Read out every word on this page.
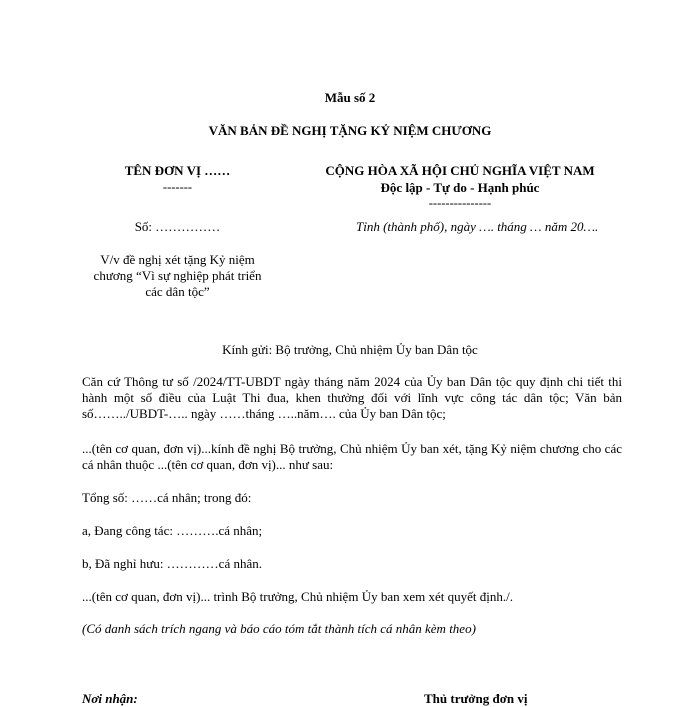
Mẫu số 2
VĂN BẢN ĐỀ NGHỊ TẶNG KỶ NIỆM CHƯƠNG
TÊN ĐƠN VỊ ……
-------
Số: ……………
V/v đề nghị xét tặng Kỷ niệm
chương “Vì sự nghiệp phát triển
các dân tộc”
CỘNG HÒA XÃ HỘI CHỦ NGHĨA VIỆT NAM
Độc lập - Tự do - Hạnh phúc
---------------
Tỉnh (thành phố), ngày …. tháng … năm 20….
Kính gửi: Bộ trưởng, Chủ nhiệm Ủy ban Dân tộc
Căn cứ Thông tư số /2024/TT-UBDT ngày tháng năm 2024 của Ủy ban Dân tộc quy định chi tiết thi hành một số điều của Luật Thi đua, khen thưởng đối với lĩnh vực công tác dân tộc; Văn bản số……../UBDT-….. ngày ……tháng …..năm…. của Ủy ban Dân tộc;
...(tên cơ quan, đơn vị)...kính đề nghị Bộ trưởng, Chủ nhiệm Ủy ban xét, tặng Kỷ niệm chương cho các cá nhân thuộc ...(tên cơ quan, đơn vị)... như sau:
Tổng số: ……cá nhân; trong đó:
a, Đang công tác: ……….cá nhân;
b, Đã nghỉ hưu: …………cá nhân.
...(tên cơ quan, đơn vị)... trình Bộ trưởng, Chủ nhiệm Ủy ban xem xét quyết định./.
(Có danh sách trích ngang và báo cáo tóm tắt thành tích cá nhân kèm theo)
Nơi nhận:	Thủ trưởng đơn vị
